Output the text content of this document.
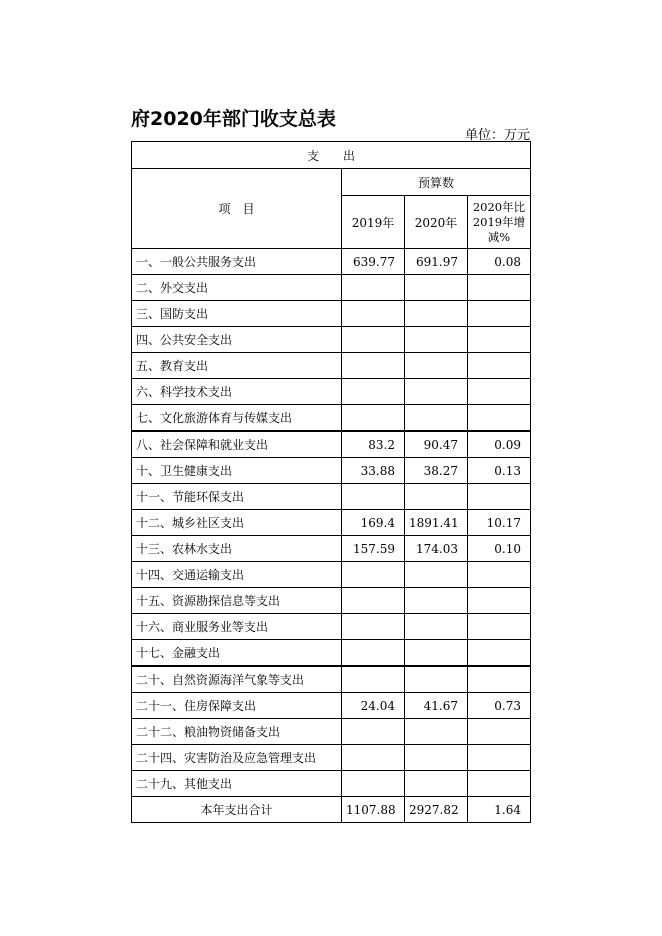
府2020年部门收支总表
单位：万元
支　　出			
项　目	预算数		
	2019年	2020年	2020年比2019年增减%
一、一般公共服务支出	639.77	691.97	0.08
二、外交支出			
三、国防支出			
四、公共安全支出			
五、教育支出			
六、科学技术支出			
七、文化旅游体育与传媒支出			
八、社会保障和就业支出	83.2	90.47	0.09
十、卫生健康支出	33.88	38.27	0.13
十一、节能环保支出			
十二、城乡社区支出	169.4	1891.41	10.17
十三、农林水支出	157.59	174.03	0.10
十四、交通运输支出			
十五、资源勘探信息等支出			
十六、商业服务业等支出			
十七、金融支出			
二十、自然资源海洋气象等支出			
二十一、住房保障支出	24.04	41.67	0.73
二十二、粮油物资储备支出			
二十四、灾害防治及应急管理支出			
二十九、其他支出			
本年支出合计	1107.88	2927.82	1.64
